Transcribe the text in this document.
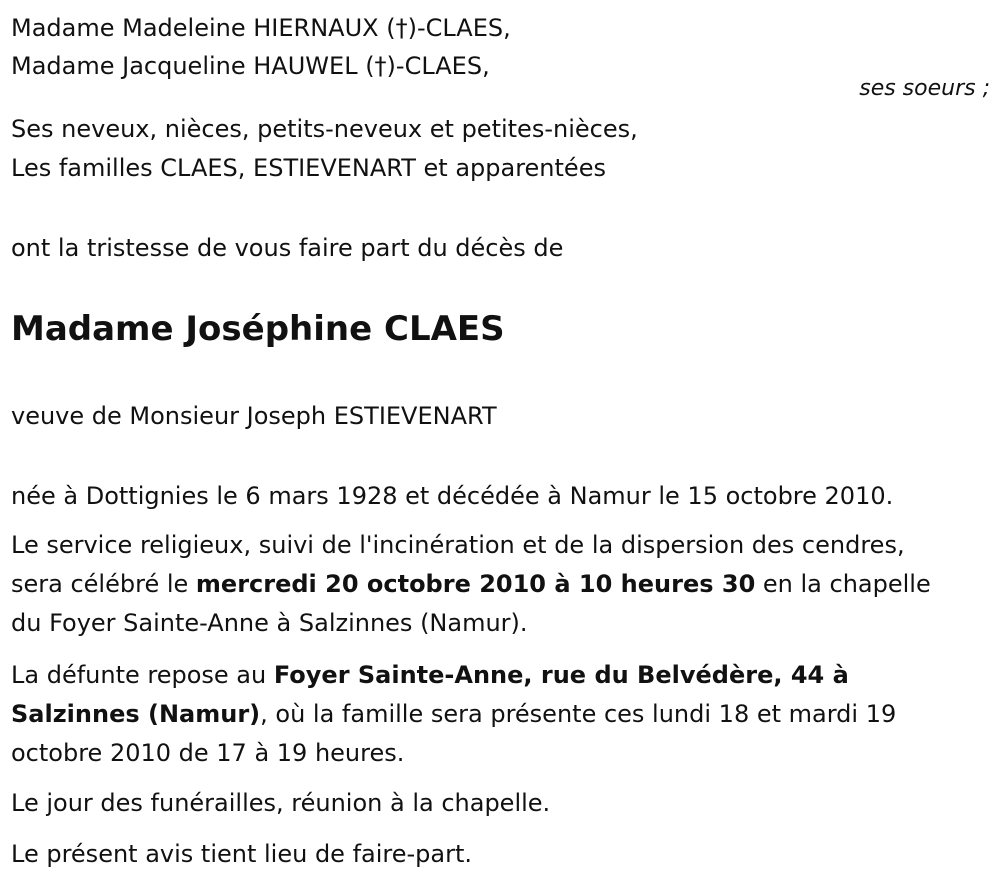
Madame Madeleine HIERNAUX (†)-CLAES,

Madame Jacqueline HAUWEL (†)-CLAES,

ses soeurs ;

Ses neveux, nièces, petits-neveux et petites-nièces,

Les familles CLAES, ESTIEVENART et apparentées

ont la tristesse de vous faire part du décès de

Madame Joséphine CLAES

veuve de Monsieur Joseph ESTIEVENART

née à Dottignies le 6 mars 1928 et décédée à Namur le 15 octobre 2010.

Le service religieux, suivi de l'incinération et de la dispersion des cendres,
sera célébré le mercredi 20 octobre 2010 à 10 heures 30 en la chapelle
du Foyer Sainte-Anne à Salzinnes (Namur).
La défunte repose au Foyer Sainte-Anne, rue du Belvédère, 44 à
Salzinnes (Namur), où la famille sera présente ces lundi 18 et mardi 19
octobre 2010 de 17 à 19 heures.

Le jour des funérailles, réunion à la chapelle.

Le présent avis tient lieu de faire-part.
